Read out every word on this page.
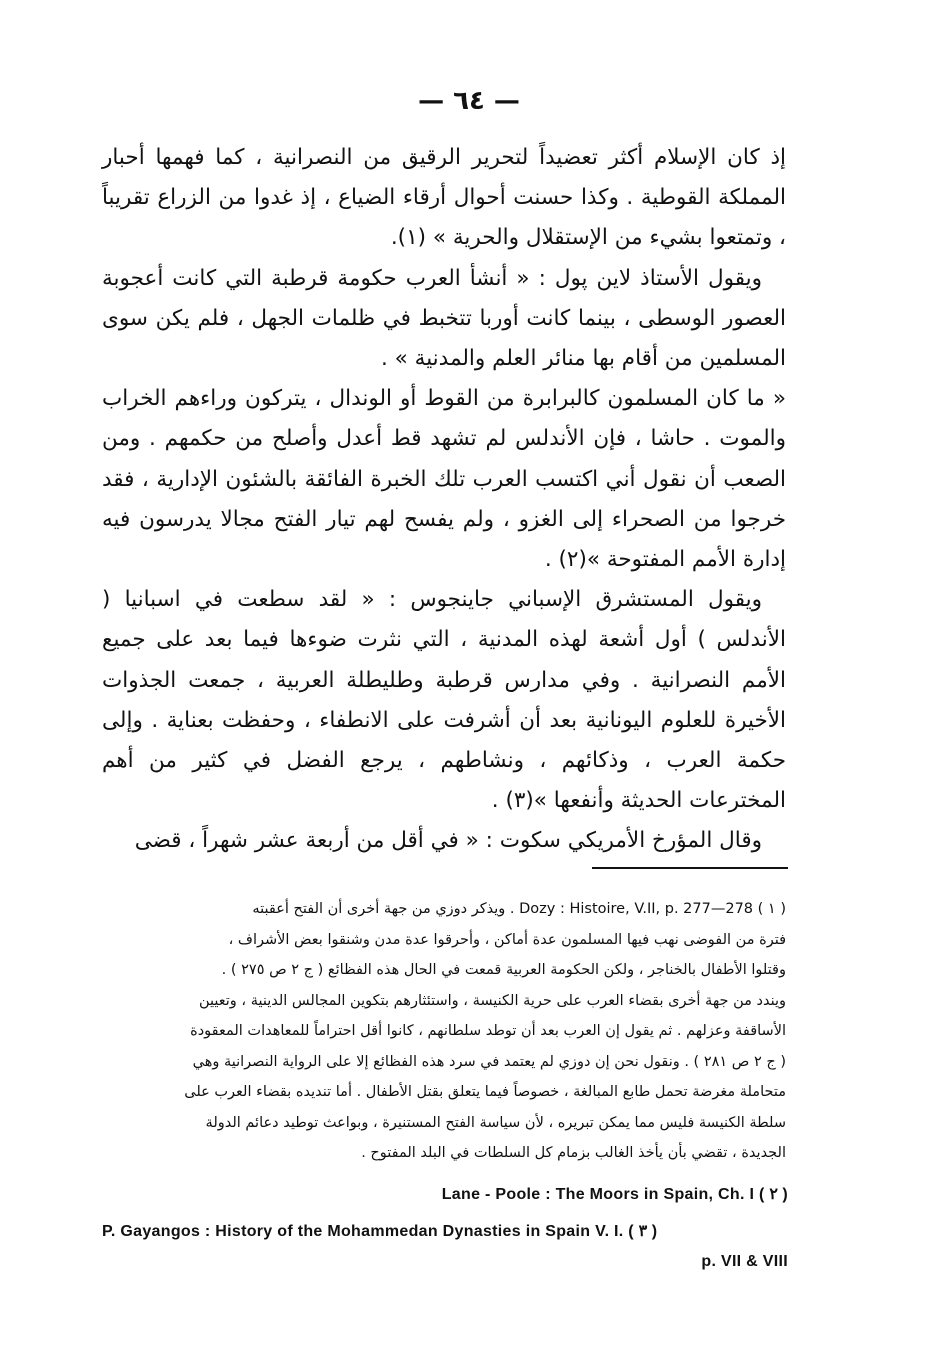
— ٦٤ —

إذ كان الإسلام أكثر تعضيداً لتحرير الرقيق من النصرانية ، كما فهمها أحبار المملكة القوطية . وكذا حسنت أحوال أرقاء الضياع ، إذ غدوا من الزراع تقريباً ، وتمتعوا بشيء من الإستقلال والحرية » (١).

ويقول الأستاذ لاين پول : « أنشأ العرب حكومة قرطبة التي كانت أعجوبة العصور الوسطى ، بينما كانت أوربا تتخبط في ظلمات الجهل ، فلم يكن سوى المسلمين من أقام بها منائر العلم والمدنية » .

« ما كان المسلمون كالبرابرة من القوط أو الوندال ، يتركون وراءهم الخراب والموت . حاشا ، فإن الأندلس لم تشهد قط أعدل وأصلح من حكمهم . ومن الصعب أن نقول أني اكتسب العرب تلك الخبرة الفائقة بالشئون الإدارية ، فقد خرجوا من الصحراء إلى الغزو ، ولم يفسح لهم تيار الفتح مجالا يدرسون فيه إدارة الأمم المفتوحة »(٢) .

ويقول المستشرق الإسباني جاينجوس : « لقد سطعت في اسبانيا ( الأندلس ) أول أشعة لهذه المدنية ، التي نثرت ضوءها فيما بعد على جميع الأمم النصرانية . وفي مدارس قرطبة وطليطلة العربية ، جمعت الجذوات الأخيرة للعلوم اليونانية بعد أن أشرفت على الانطفاء ، وحفظت بعناية . وإلى حكمة العرب ، وذكائهم ، ونشاطهم ، يرجع الفضل في كثير من أهم المخترعات الحديثة وأنفعها »(٣) .

وقال المؤرخ الأمريكي سكوت : « في أقل من أربعة عشر شهراً ، قضى

( ١ ) Dozy : Histoire, V.II, p. 277—278 . ويذكر دوزي من جهة أخرى أن الفتح أعقبته
فترة من الفوضى نهب فيها المسلمون عدة أماكن ، وأحرقوا عدة مدن وشنقوا بعض الأشراف ،
وقتلوا الأطفال بالخناجر ، ولكن الحكومة العربية قمعت في الحال هذه الفظائع ( ج ٢ ص ٢٧٥ ) .
ويندد من جهة أخرى بقضاء العرب على حرية الكنيسة ، واستئثارهم بتكوين المجالس الدينية ، وتعيين
الأساقفة وعزلهم . ثم يقول إن العرب بعد أن توطد سلطانهم ، كانوا أقل احتراماً للمعاهدات المعقودة
( ج ٢ ص ٢٨١ ) . ونقول نحن إن دوزي لم يعتمد في سرد هذه الفظائع إلا على الرواية النصرانية وهي
متحاملة مغرضة تحمل طابع المبالغة ، خصوصاً فيما يتعلق بقتل الأطفال . أما تنديده بقضاء العرب على
سلطة الكنيسة فليس مما يمكن تبريره ، لأن سياسة الفتح المستنيرة ، وبواعث توطيد دعائم الدولة
الجديدة ، تقضي بأن يأخذ الغالب بزمام كل السلطات في البلد المفتوح .
Lane - Poole : The Moors in Spain, Ch. I ( ٢ )
P. Gayangos : History of the Mohammedan Dynasties in Spain V. I. ( ٣ )
p. VII & VIII
